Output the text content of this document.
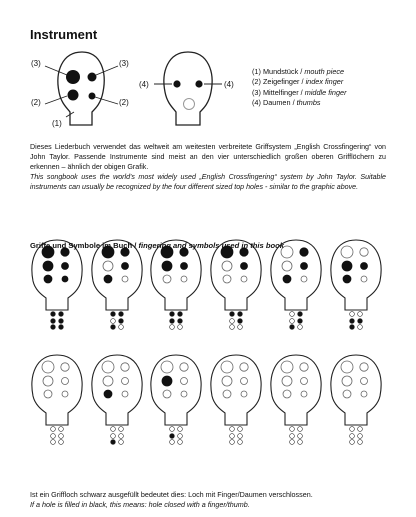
Instrument
(3)	(3)
(2)	(2)
(1)
(4)	(4)
(1) Mundstück / mouth piece
(2) Zeigefinger / index finger
(3) Mittelfinger / middle finger
(4) Daumen / thumbs
Dieses Liederbuch verwendet das weltweit am weitesten verbreitete Griffsystem „English Crossfingering“ von John Taylor. Passende Instrumente sind meist an den vier unterschiedlich großen oberen Grifflöchern zu erkennen – ähnlich der obigen Grafik.
This songbook uses the world's most widely used „English Crossfingering“ system by John Taylor. Suitable instruments can usually be recognized by the four different sized top holes - similar to the graphic above.
Griffe und Symbole im Buch / fingering and symbols used in this book
Ist ein Griffloch schwarz ausgefüllt bedeutet dies: Loch mit Finger/Daumen verschlossen.
If a hole is filled in black, this means: hole closed with a finger/thumb.
